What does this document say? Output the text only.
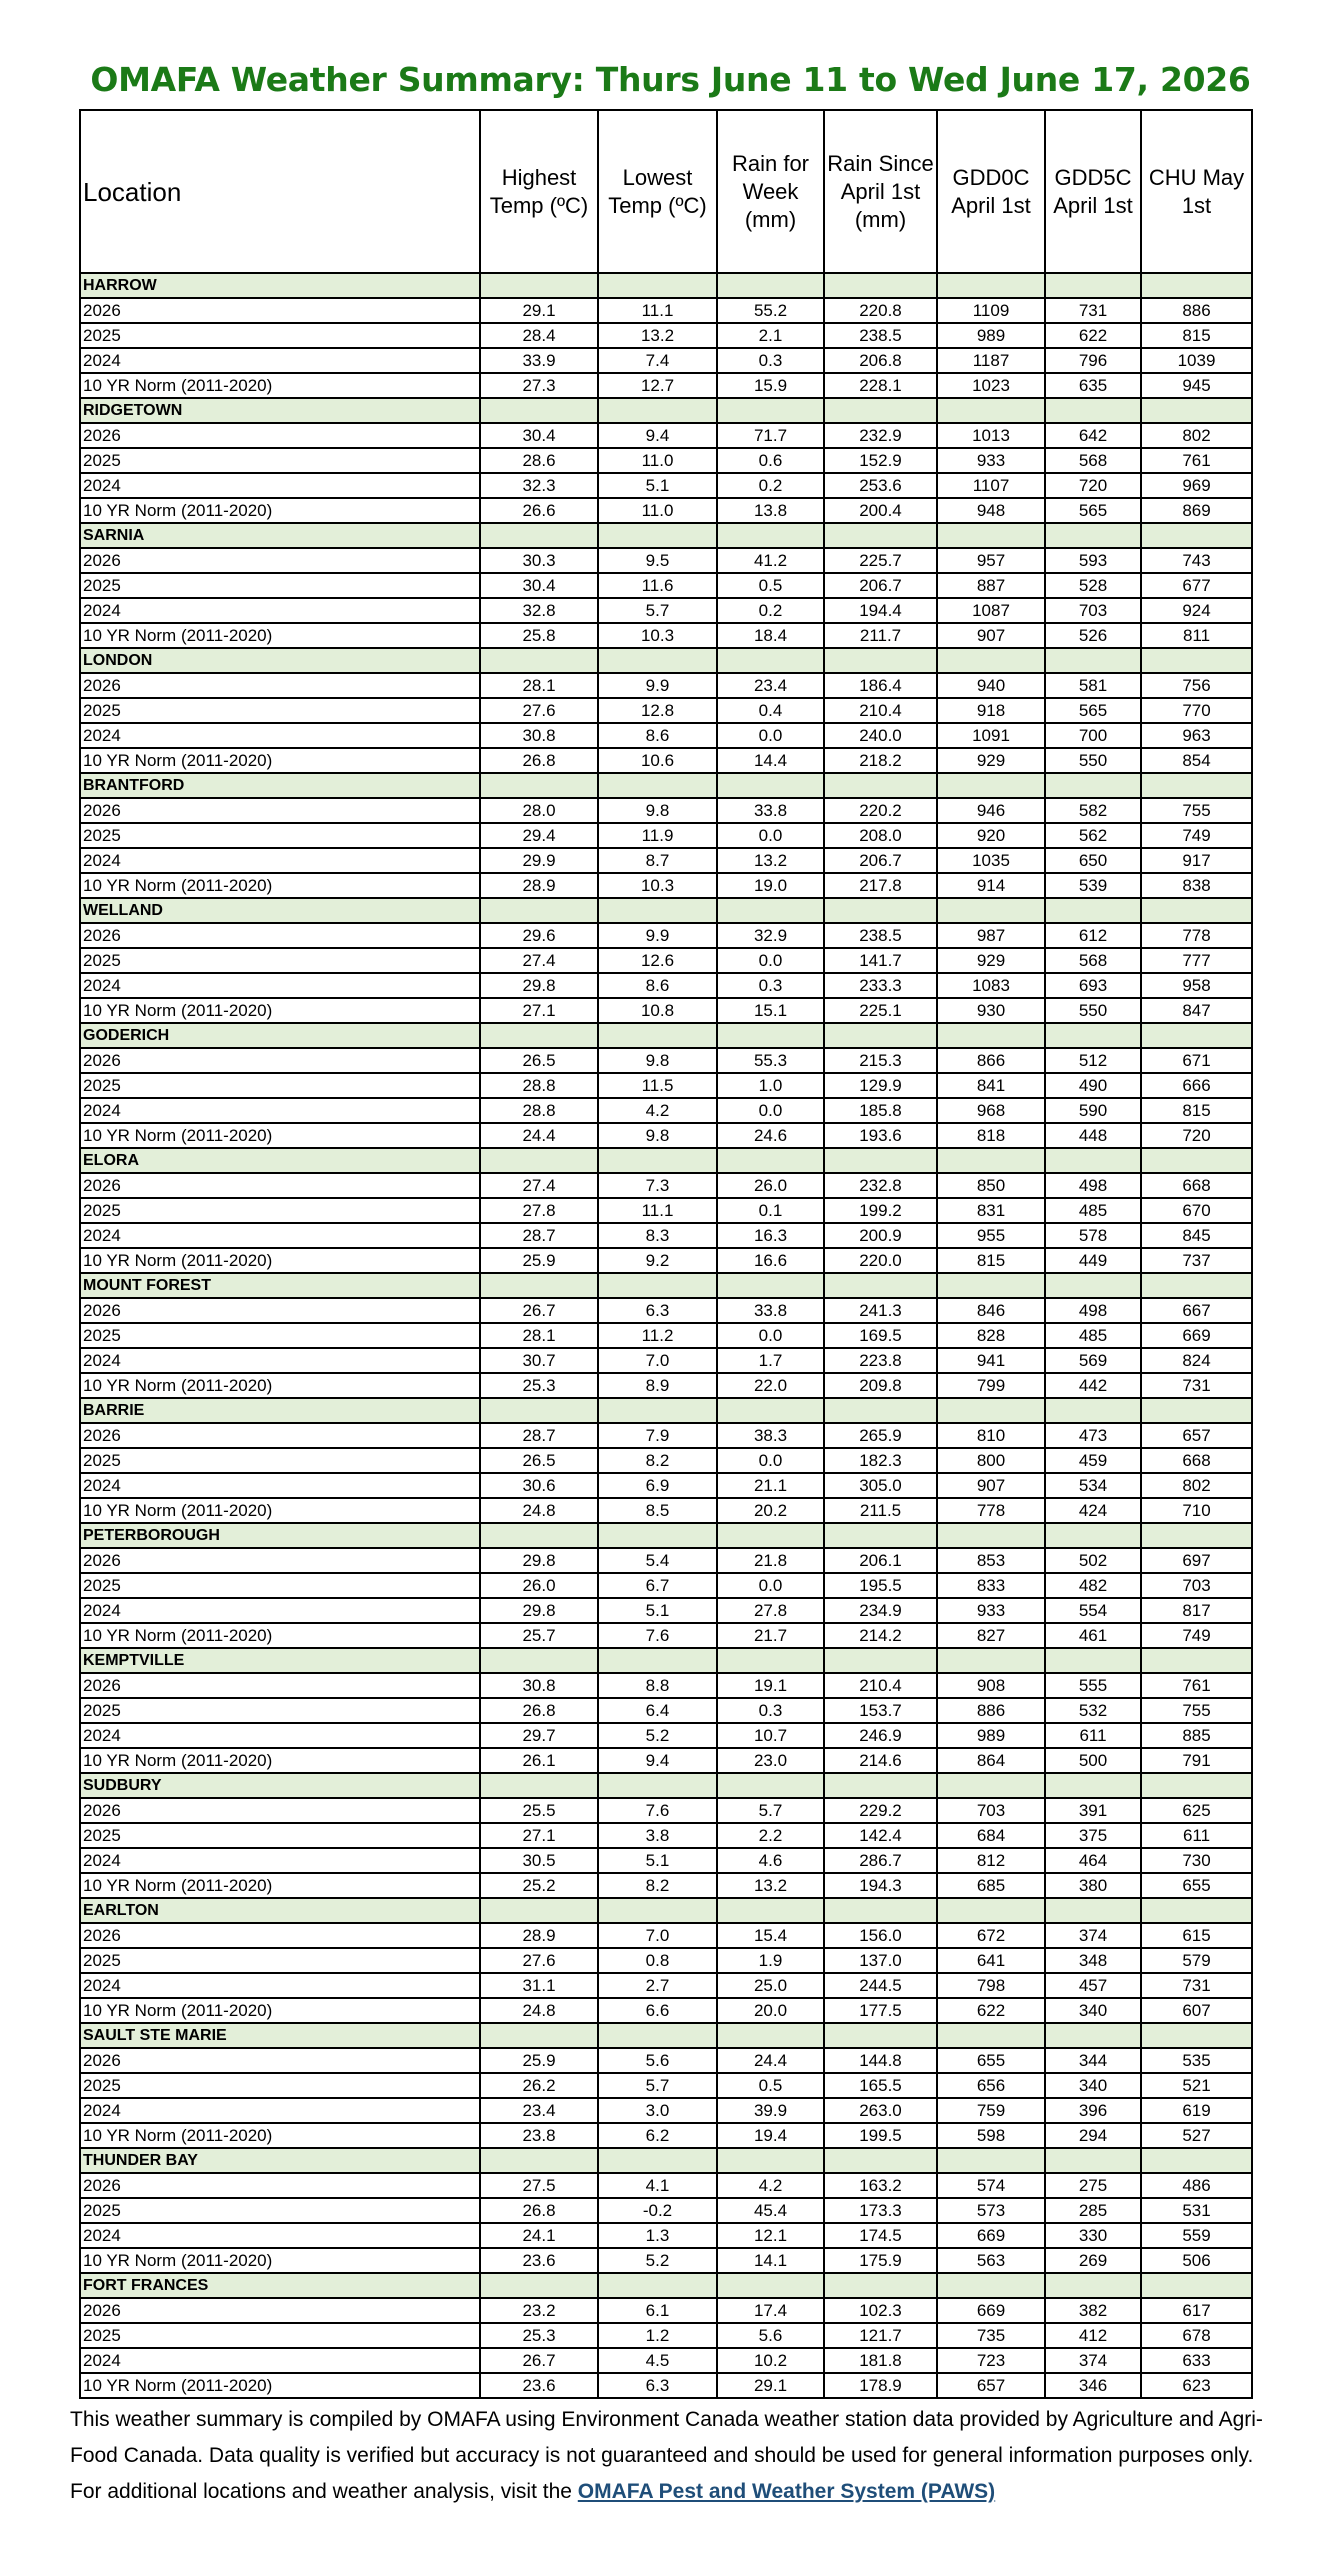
OMAFA Weather Summary: Thurs June 11 to Wed June 17, 2026
Location	Highest Temp (ºC)	Lowest Temp (ºC)	Rain for Week (mm)	Rain Since April 1st (mm)	GDD0C April 1st	GDD5C April 1st	CHU May 1st
HARROW							
2026	29.1	11.1	55.2	220.8	1109	731	886
2025	28.4	13.2	2.1	238.5	989	622	815
2024	33.9	7.4	0.3	206.8	1187	796	1039
10 YR Norm (2011-2020)	27.3	12.7	15.9	228.1	1023	635	945
RIDGETOWN							
2026	30.4	9.4	71.7	232.9	1013	642	802
2025	28.6	11.0	0.6	152.9	933	568	761
2024	32.3	5.1	0.2	253.6	1107	720	969
10 YR Norm (2011-2020)	26.6	11.0	13.8	200.4	948	565	869
SARNIA							
2026	30.3	9.5	41.2	225.7	957	593	743
2025	30.4	11.6	0.5	206.7	887	528	677
2024	32.8	5.7	0.2	194.4	1087	703	924
10 YR Norm (2011-2020)	25.8	10.3	18.4	211.7	907	526	811
LONDON							
2026	28.1	9.9	23.4	186.4	940	581	756
2025	27.6	12.8	0.4	210.4	918	565	770
2024	30.8	8.6	0.0	240.0	1091	700	963
10 YR Norm (2011-2020)	26.8	10.6	14.4	218.2	929	550	854
BRANTFORD							
2026	28.0	9.8	33.8	220.2	946	582	755
2025	29.4	11.9	0.0	208.0	920	562	749
2024	29.9	8.7	13.2	206.7	1035	650	917
10 YR Norm (2011-2020)	28.9	10.3	19.0	217.8	914	539	838
WELLAND							
2026	29.6	9.9	32.9	238.5	987	612	778
2025	27.4	12.6	0.0	141.7	929	568	777
2024	29.8	8.6	0.3	233.3	1083	693	958
10 YR Norm (2011-2020)	27.1	10.8	15.1	225.1	930	550	847
GODERICH							
2026	26.5	9.8	55.3	215.3	866	512	671
2025	28.8	11.5	1.0	129.9	841	490	666
2024	28.8	4.2	0.0	185.8	968	590	815
10 YR Norm (2011-2020)	24.4	9.8	24.6	193.6	818	448	720
ELORA							
2026	27.4	7.3	26.0	232.8	850	498	668
2025	27.8	11.1	0.1	199.2	831	485	670
2024	28.7	8.3	16.3	200.9	955	578	845
10 YR Norm (2011-2020)	25.9	9.2	16.6	220.0	815	449	737
MOUNT FOREST							
2026	26.7	6.3	33.8	241.3	846	498	667
2025	28.1	11.2	0.0	169.5	828	485	669
2024	30.7	7.0	1.7	223.8	941	569	824
10 YR Norm (2011-2020)	25.3	8.9	22.0	209.8	799	442	731
BARRIE							
2026	28.7	7.9	38.3	265.9	810	473	657
2025	26.5	8.2	0.0	182.3	800	459	668
2024	30.6	6.9	21.1	305.0	907	534	802
10 YR Norm (2011-2020)	24.8	8.5	20.2	211.5	778	424	710
PETERBOROUGH							
2026	29.8	5.4	21.8	206.1	853	502	697
2025	26.0	6.7	0.0	195.5	833	482	703
2024	29.8	5.1	27.8	234.9	933	554	817
10 YR Norm (2011-2020)	25.7	7.6	21.7	214.2	827	461	749
KEMPTVILLE							
2026	30.8	8.8	19.1	210.4	908	555	761
2025	26.8	6.4	0.3	153.7	886	532	755
2024	29.7	5.2	10.7	246.9	989	611	885
10 YR Norm (2011-2020)	26.1	9.4	23.0	214.6	864	500	791
SUDBURY							
2026	25.5	7.6	5.7	229.2	703	391	625
2025	27.1	3.8	2.2	142.4	684	375	611
2024	30.5	5.1	4.6	286.7	812	464	730
10 YR Norm (2011-2020)	25.2	8.2	13.2	194.3	685	380	655
EARLTON							
2026	28.9	7.0	15.4	156.0	672	374	615
2025	27.6	0.8	1.9	137.0	641	348	579
2024	31.1	2.7	25.0	244.5	798	457	731
10 YR Norm (2011-2020)	24.8	6.6	20.0	177.5	622	340	607
SAULT STE MARIE							
2026	25.9	5.6	24.4	144.8	655	344	535
2025	26.2	5.7	0.5	165.5	656	340	521
2024	23.4	3.0	39.9	263.0	759	396	619
10 YR Norm (2011-2020)	23.8	6.2	19.4	199.5	598	294	527
THUNDER BAY							
2026	27.5	4.1	4.2	163.2	574	275	486
2025	26.8	-0.2	45.4	173.3	573	285	531
2024	24.1	1.3	12.1	174.5	669	330	559
10 YR Norm (2011-2020)	23.6	5.2	14.1	175.9	563	269	506
FORT FRANCES							
2026	23.2	6.1	17.4	102.3	669	382	617
2025	25.3	1.2	5.6	121.7	735	412	678
2024	26.7	4.5	10.2	181.8	723	374	633
10 YR Norm (2011-2020)	23.6	6.3	29.1	178.9	657	346	623
This weather summary is compiled by OMAFA using Environment Canada weather station data provided by Agriculture and Agri-Food Canada. Data quality is verified but accuracy is not guaranteed and should be used for general information purposes only. For additional locations and weather analysis, visit the OMAFA Pest and Weather System (PAWS)
